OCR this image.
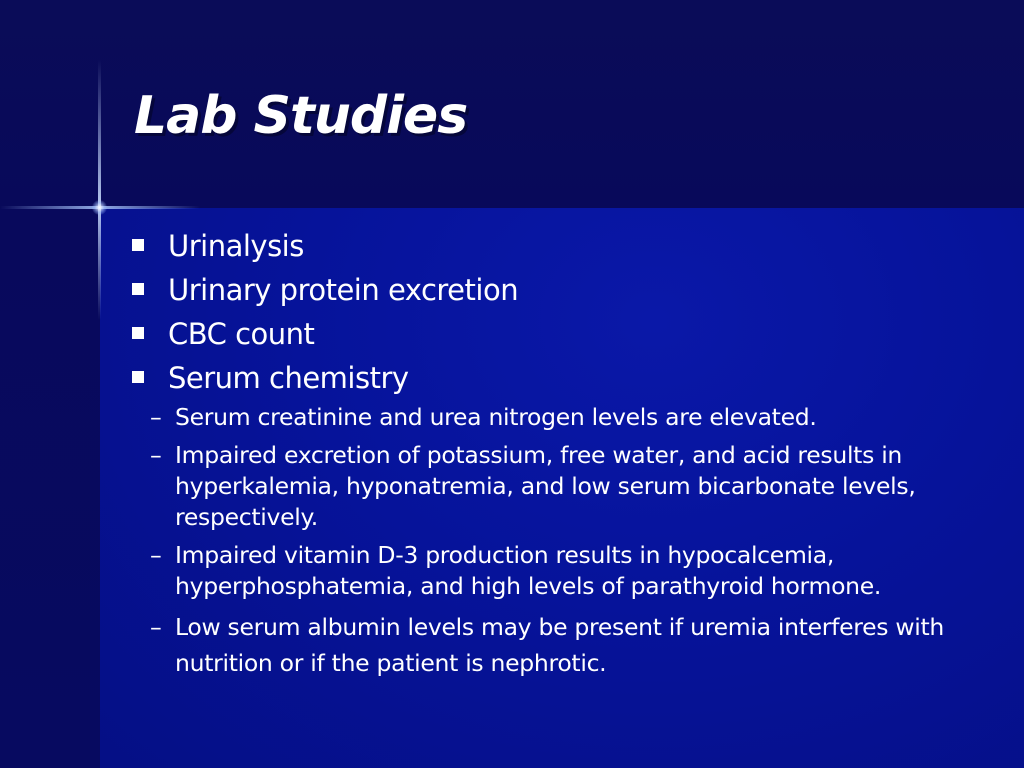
Lab Studies
Urinalysis
Urinary protein excretion
CBC count
Serum chemistry
– Serum creatinine and urea nitrogen levels are elevated.
– Impaired excretion of potassium, free water, and acid results in hyperkalemia, hyponatremia, and low serum bicarbonate levels, respectively.
– Impaired vitamin D-3 production results in hypocalcemia, hyperphosphatemia, and high levels of parathyroid hormone.
– Low serum albumin levels may be present if uremia interferes with nutrition or if the patient is nephrotic.
